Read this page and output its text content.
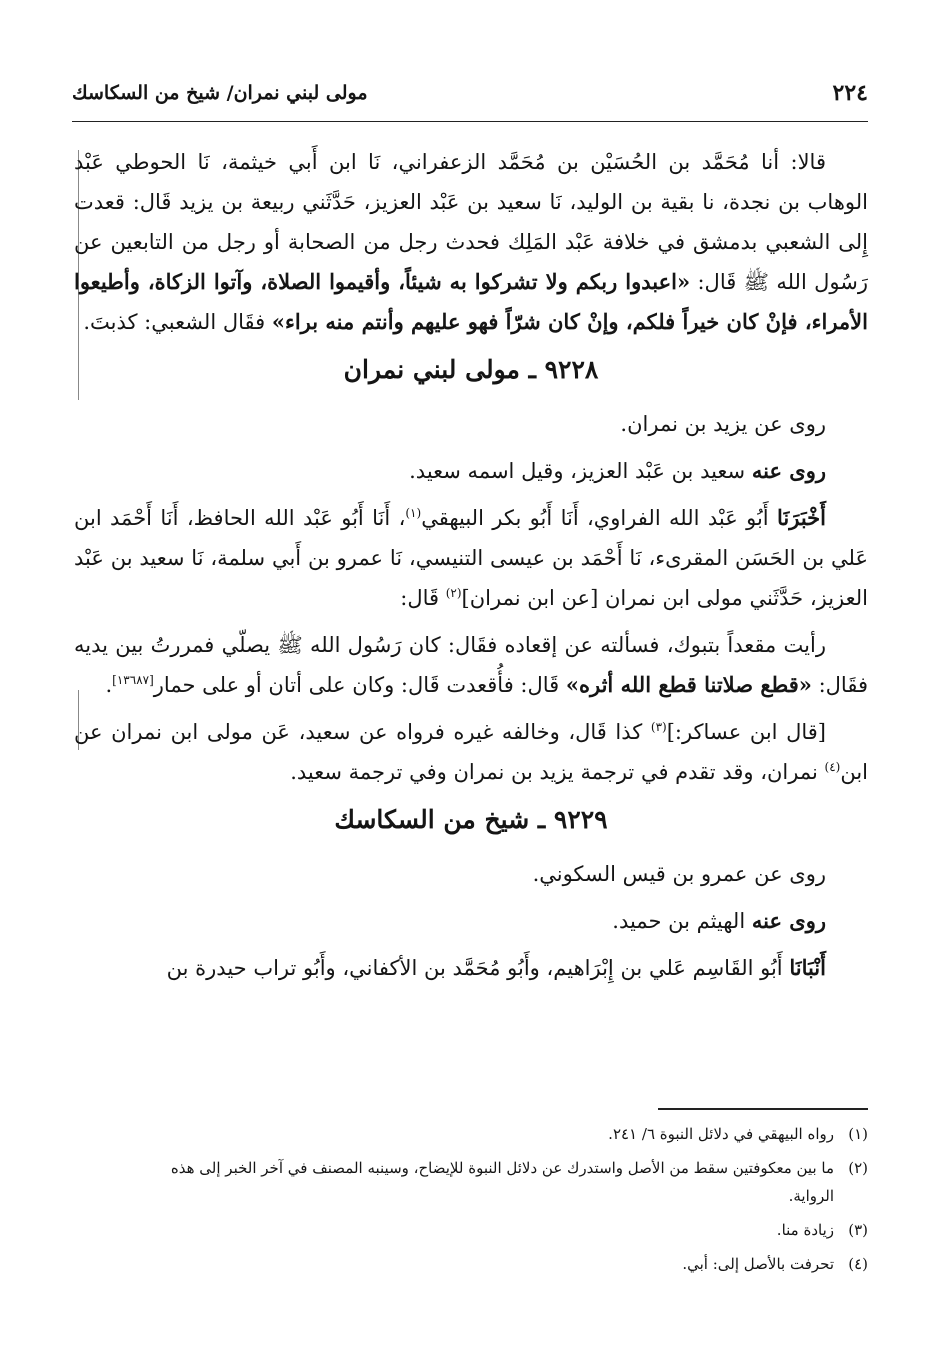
٢٢٤
مولى لبني نمران/ شيخ من السكاسك

قالا: أنا مُحَمَّد بن الحُسَيْن بن مُحَمَّد الزعفراني، نَا ابن أَبي خيثمة، نَا الحوطي عَبْد الوهاب بن نجدة، نا بقية بن الوليد، نَا سعيد بن عَبْد العزيز، حَدَّثَني ربيعة بن يزيد قَال: قعدت إِلى الشعبي بدمشق في خلافة عَبْد المَلِك فحدث رجل من الصحابة أو رجل من التابعين عن رَسُول الله ﷺ قَال: «اعبدوا ربكم ولا تشركوا به شيئاً، وأقيموا الصلاة، وآتوا الزكاة، وأطيعوا الأمراء، فإنْ كان خيراً فلكم، وإنْ كان شرّاً فهو عليهم وأنتم منه براء» فقَال الشعبي: كذبتَ.

٩٢٢٨ ـ مولى لبني نمران

روى عن يزيد بن نمران.

روى عنه سعيد بن عَبْد العزيز، وقيل اسمه سعيد.

أَخْبَرَنَا أَبُو عَبْد الله الفراوي، أَنَا أَبُو بكر البيهقي$^{(١)}$، أَنَا أَبُو عَبْد الله الحافظ، أَنَا أَحْمَد ابن عَلي بن الحَسَن المقرىء، نَا أَحْمَد بن عيسى التنيسي، نَا عمرو بن أَبي سلمة، نَا سعيد بن عَبْد العزيز، حَدَّثَني مولى ابن نمران [عن ابن نمران]$^{(٢)}$ قَال:

رأيت مقعداً بتبوك، فسألته عن إقعاده فقَال: كان رَسُول الله ﷺ يصلّي فمررتُ بين يديه فقَال: «قطع صلاتنا قطع الله أثره» قَال: فأُقعدت قَال: وكان على أتان أو على حمار[١٣٦٨٧].

[قال ابن عساكر:]$^{(٣)}$ كذا قَال، وخالفه غيره فرواه عن سعيد، عَن مولى ابن نمران عن ابن$^{(٤)}$ نمران، وقد تقدم في ترجمة يزيد بن نمران وفي ترجمة سعيد.

٩٢٢٩ ـ شيخ من السكاسك

روى عن عمرو بن قيس السكوني.

روى عنه الهيثم بن حميد.

أَنْبَانَا أَبُو القَاسِم عَلي بن إِبْرَاهيم، وأَبُو مُحَمَّد بن الأكفاني، وأَبُو تراب حيدرة بن

(١)رواه البيهقي في دلائل النبوة ٦/ ٢٤١.

(٢)ما بين معكوفتين سقط من الأصل واستدرك عن دلائل النبوة للإيضاح، وسينبه المصنف في آخر الخبر إلى هذه
الرواية.

(٣)زيادة منا.

(٤)تحرفت بالأصل إلى: أبي.
